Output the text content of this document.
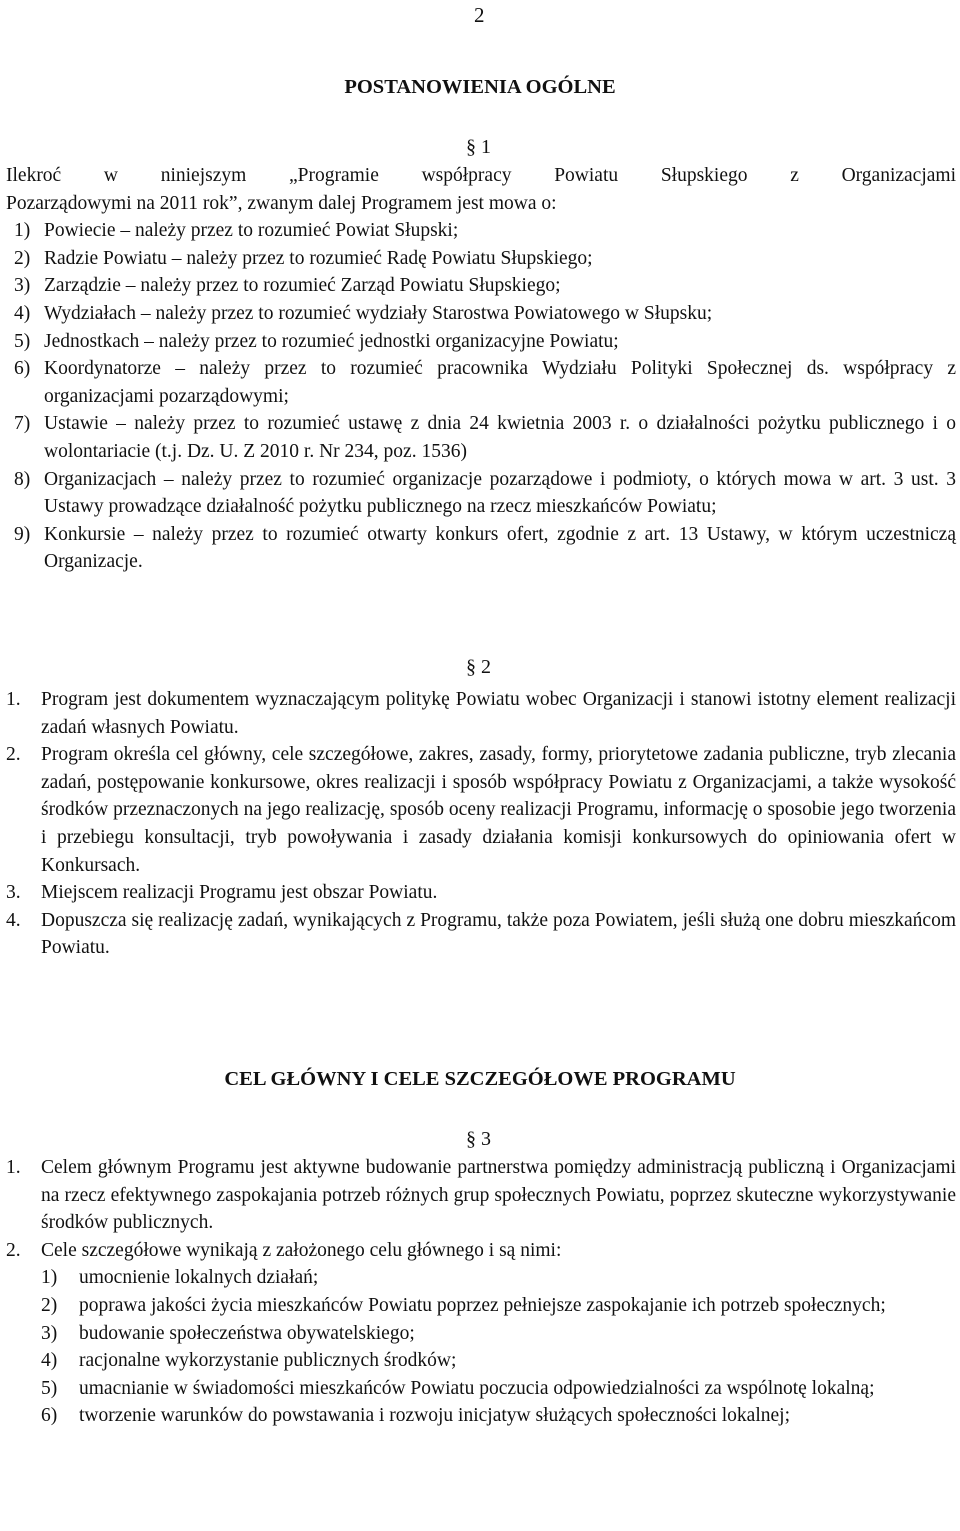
2
POSTANOWIENIA OGÓLNE
§ 1
Ilekroć w niniejszym „Programie współpracy Powiatu Słupskiego z Organizacjami
Pozarządowymi na 2011 rok”, zwanym dalej Programem jest mowa o:
1) Powiecie – należy przez to rozumieć Powiat Słupski;
2) Radzie Powiatu – należy przez to rozumieć Radę Powiatu Słupskiego;
3) Zarządzie – należy przez to rozumieć Zarząd Powiatu Słupskiego;
4) Wydziałach – należy przez to rozumieć wydziały Starostwa Powiatowego w Słupsku;
5) Jednostkach – należy przez to rozumieć jednostki organizacyjne Powiatu;
6) Koordynatorze – należy przez to rozumieć pracownika Wydziału Polityki Społecznej ds. współpracy z organizacjami pozarządowymi;
7) Ustawie – należy przez to rozumieć ustawę z dnia 24 kwietnia 2003 r. o działalności pożytku publicznego i o wolontariacie (t.j. Dz. U. Z 2010 r. Nr 234, poz. 1536)
8) Organizacjach – należy przez to rozumieć organizacje pozarządowe i podmioty, o których mowa w art. 3 ust. 3 Ustawy prowadzące działalność pożytku publicznego na rzecz mieszkańców Powiatu;
9) Konkursie – należy przez to rozumieć otwarty konkurs ofert, zgodnie z art. 13 Ustawy, w którym uczestniczą Organizacje.
§ 2
1.	Program jest dokumentem wyznaczającym politykę Powiatu wobec Organizacji i stanowi istotny element realizacji zadań własnych Powiatu.
2.	Program określa cel główny, cele szczegółowe, zakres, zasady, formy, priorytetowe zadania publiczne, tryb zlecania zadań, postępowanie konkursowe, okres realizacji i sposób współpracy Powiatu z Organizacjami, a także wysokość środków przeznaczonych na jego realizację, sposób oceny realizacji Programu, informację o sposobie jego tworzenia i przebiegu konsultacji, tryb powoływania i zasady działania komisji konkursowych do opiniowania ofert w Konkursach.
3.	Miejscem realizacji Programu jest obszar Powiatu.
4.	Dopuszcza się realizację zadań, wynikających z Programu, także poza Powiatem, jeśli służą one dobru mieszkańcom Powiatu.
CEL GŁÓWNY I CELE SZCZEGÓŁOWE PROGRAMU
§ 3
1.	Celem głównym Programu jest aktywne budowanie partnerstwa pomiędzy administracją publiczną i Organizacjami na rzecz efektywnego zaspokajania potrzeb różnych grup społecznych Powiatu, poprzez skuteczne wykorzystywanie środków publicznych.
2.	Cele szczegółowe wynikają z założonego celu głównego i są nimi:
1)	umocnienie lokalnych działań;
2)	poprawa jakości życia mieszkańców Powiatu poprzez pełniejsze zaspokajanie ich potrzeb społecznych;
3)	budowanie społeczeństwa obywatelskiego;
4)	racjonalne wykorzystanie publicznych środków;
5)	umacnianie w świadomości mieszkańców Powiatu poczucia odpowiedzialności za wspólnotę lokalną;
6)	tworzenie warunków do powstawania i rozwoju inicjatyw służących społeczności lokalnej;
